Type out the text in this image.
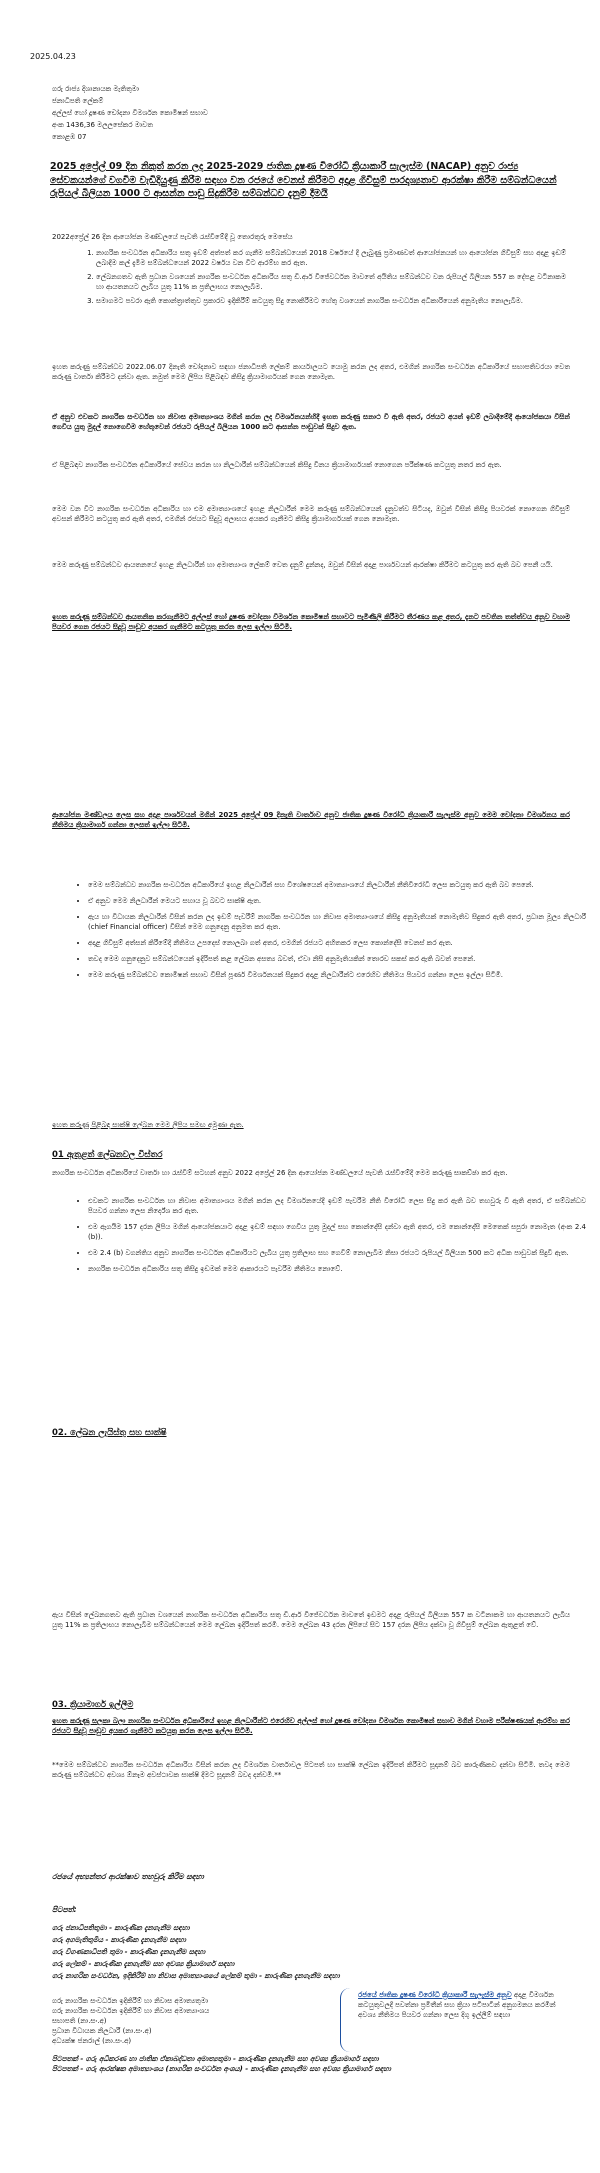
2025.04.23

ගරු රාජ්‍ය දිශානායක මැතිතුමා

ජනාධිපති ලේකම්

අල්ලස් හෝ දූෂණ චෝදනා විමර්ශන කොමිෂන් සභාව

අංක 1436,36 මලලසේකර මාවත

කොළඹ 07

2025 අප්‍රේල් 09 දින නිකුත් කරන ලද 2025-2029 ජාතික දූෂණ විරෝධී ක්‍රියාකාරී සැලැස්ම (NACAP) අනුව රාජ්‍ය සේවකයන්ගේ වගවීම වැඩිදියුණු කිරීම සඳහා වන රජයේ වෙනස් කිරීමට අදාළ ගිවිසුම් පාරදෘශ්‍යතාව ආරක්ෂා කිරීම සම්බන්ධයෙන් රුපියල් බිලියන 1000 ට ආසන්න පාඩු සිදුකිරීම සම්බන්ධව දැනුම් දීමයි

2022අප්‍රේල් 26 දින ආයෝජන මණ්ඩලයේ පැවති රැස්වීමේදී වූ තොරතුරු මෙසේය

1. නාගරික සංවර්ධන අධිකාරිය සතු ඉඩම් අත්පත් කර ගැනීම සම්බන්ධයෙන් 2018 වර්ෂයේ දී ලැබුණු ප්‍රමාණවත් ආයෝජනයන් හා ආයෝජන ගිවිසුම් සහ අදාළ ඉඩම් ලබාදීම කල් දැමීම සම්බන්ධයෙන් 2022 වර්ෂය වන විට ආරම්භ කර ඇත.
2. ලේඛනගතව ඇති ප්‍රධාන වශයෙන් නාගරික සංවර්ධන අධිකාරිය සතු ඩී.ආර් විජේවර්ධන මාවතේ අයිතිය සම්බන්ධව වන රුපියල් බිලියන 557 ක දේපළ වටිනාකම හා ආයතනයට ලැබිය යුතු 11% ක ප්‍රතිලාභය නොලැබීම.
3. සමාගමට පවරා ඇති කොන්ත්‍රාත්තුව ප්‍රකාරව ඉදිකිරීම් කටයුතු සිදු නොකිරීමට හේතු වශයෙන් නාගරික සංවර්ධන අධිකාරියෙන් අනුමැතිය නොලැබීම.

ඉහත කරුණු සම්බන්ධව 2022.06.07 දිනැති චෝදනාව සඳහා ජනාධිපති ලේකම් කාර්යාලයට යොමු කරන ලද අතර, එමගින් නාගරික සංවර්ධන අධිකාරියේ සභාපතිවරයා වෙත කරුණු වාර්තා කිරීමට දන්වා ඇත. නමුත් මෙම ලිපිය පිළිබඳව කිසිදු ක්‍රියාමාර්ගයක් ගෙන නොමැත.

ඒ අනුව එවකට නාගරික සංවර්ධන හා නිවාස අමාත්‍යාංශය මගින් කරන ලද විමර්ශනයන්හිදී ඉහත කරුණු සනාථ වී ඇති අතර, රජයට අයත් ඉඩම් ලබාදීමේදී ආයෝජකයා විසින් ගෙවිය යුතු මුදල් නොගෙවීම හේතුවෙන් රජයට රුපියල් බිලියන 1000 කට ආසන්න පාඩුවක් සිදුව ඇත.

ඒ පිළිබඳව නාගරික සංවර්ධන අධිකාරියේ සේවය කරන හා නිලධාරීන් සම්බන්ධයෙන් කිසිදු විනය ක්‍රියාමාර්ගයක් නොගෙන පරීක්ෂණ කටයුතු නතර කර ඇත.

මෙම වන විට නාගරික සංවර්ධන අධිකාරිය හා එම අමාත්‍යාංශයේ ඉහළ නිලධාරීන් මෙම කරුණු සම්බන්ධයෙන් දැනුවත්ව සිටියද, ඔවුන් විසින් කිසිදු පියවරක් නොගෙන ගිවිසුම් අවසන් කිරීමට කටයුතු කර ඇති අතර, එමගින් රජයට සිදුවූ අලාභය අයකර ගැනීමට කිසිදු ක්‍රියාමාර්ගයක් ගෙන නොමැත.

මෙම කරුණු සම්බන්ධව ආයතනයේ ඉහළ නිලධාරීන් හා අමාත්‍යාංශ ලේකම් වෙත දැනුම් දුන්නද, ඔවුන් විසින් අදාළ පාර්ශවයන් ආරක්ෂා කිරීමට කටයුතු කර ඇති බව පෙනී යයි.

ඉහත කරුණු සම්බන්ධව ආයතනික කරගැනීමට අල්ලස් හෝ දූෂණ චෝදනා විමර්ශන කොමිෂන් සභාවට පැමිණිලි කිරීමට තීරණය කළ අතර, දැනට පවතින තත්ත්වය අනුව වහාම පියවර ගෙන රජයට සිදුවූ පාඩුව අයකර ගැනීමට කටයුතු කරන ලෙස ඉල්ලා සිටිමි.

ආයෝජන මණ්ඩලය ලෙස සහ අදාළ පාර්ශවයන් මගින් 2025 අප්‍රේල් 09 දිනැති වාර්තාව අනුව ජාතික දූෂණ විරෝධී ක්‍රියාකාරී සැලැස්ම අනුව මෙම චෝදනා විමර්ශනය කර නීතිමය ක්‍රියාමාර්ග ගන්නා ලෙසත් ඉල්ලා සිටිමි.

• මෙම සම්බන්ධව නාගරික සංවර්ධන අධිකාරියේ ඉහළ නිලධාරීන් සහ විශේෂයෙන් අමාත්‍යාංශයේ නිලධාරීන් නීතිවිරෝධී ලෙස කටයුතු කර ඇති බව පෙනේ.
• ඒ අනුව මෙම නිලධාරීන් මෙයට සහාය වූ බවට සාක්ෂි ඇත.
• ඇය හා විධායක නිලධාරීන් විසින් කරන ලද ඉඩම් පැවරීම් නාගරික සංවර්ධන හා නිවාස අමාත්‍යාංශයේ කිසිදු අනුමැතියක් නොමැතිව සිදුකර ඇති අතර, ප්‍රධාන මූල්‍ය නිලධාරී (chief Financial officer) විසින් මෙම ගනුදෙනු අනුමත කර ඇත.
• අදාළ ගිවිසුම් අත්සන් කිරීමේදී නීතිමය උපදෙස් නොලබා ගත් අතර, එමගින් රජයට අහිතකර ලෙස කොන්දේසි වෙනස් කර ඇත.
• තවද මෙම ගනුදෙනුව සම්බන්ධයෙන් ඉදිරිපත් කළ ලේඛන අසත්‍ය බවත්, ඒවා නිසි අනුමැතියකින් තොරව සකස් කර ඇති බවත් පෙනේ.
• මෙම කරුණු සම්බන්ධව කොමිෂන් සභාව විසින් පූර්ණ විමර්ශනයක් සිදුකර අදාළ නිලධාරීන්ට එරෙහිව නීතිමය පියවර ගන්නා ලෙස ඉල්ලා සිටිමි.

ඉහත කරුණු පිළිබඳ සාක්ෂි ලේඛන මෙම ලිපිය සමඟ අමුණා ඇත.

01 ඇතුළත් ලේඛනවල විස්තර

නාගරික සංවර්ධන අධිකාරියේ වාර්තා හා රැස්වීම් සටහන් අනුව 2022 අප්‍රේල් 26 දින ආයෝජන මණ්ඩලයේ පැවති රැස්වීමේදී මෙම කරුණු සාකච්ඡා කර ඇත.

• එවකට නාගරික සංවර්ධන හා නිවාස අමාත්‍යාංශය මගින් කරන ලද විමර්ශනයේදී ඉඩම් පැවරීම නීති විරෝධී ලෙස සිදු කර ඇති බව තහවුරු වී ඇති අතර, ඒ සම්බන්ධව පියවර ගන්නා ලෙස නිර්දේශ කර ඇත.
• එම ඇගයීම 157 දරන ලිපිය මගින් ආයෝජකයාට අදාළ ඉඩම් සඳහා ගෙවිය යුතු මුදල් සහ කොන්දේසි දන්වා ඇති අතර, එම කොන්දේසි මෙතෙක් සපුරා නොමැත (අංක 2.4 (b)).
• එම 2.4 (b) වගන්තිය අනුව නාගරික සංවර්ධන අධිකාරියට ලැබිය යුතු ප්‍රතිලාභ සහ ගෙවීම් නොලැබීම නිසා රජයට රුපියල් බිලියන 500 කට අධික පාඩුවක් සිදුවී ඇත.
• නාගරික සංවර්ධන අධිකාරිය සතු කිසිදු ඉඩමක් මෙම ආකාරයට පැවරීම නීතිමය නොවේ.
02. ලේඛන ලැයිස්තු සහ සාක්ෂි

ඇය විසින් ලේඛනගතව ඇති ප්‍රධාන වශයෙන් නාගරික සංවර්ධන අධිකාරිය සතු ඩී.ආර් විජේවර්ධන මාවතේ ඉඩමට අදාළ රුපියල් බිලියන 557 ක වටිනාකම හා ආයතනයට ලැබිය යුතු 11% ක ප්‍රතිලාභය නොලැබීම සම්බන්ධයෙන් මෙම ලේඛන ඉදිරිපත් කරමි. මෙම ලේඛන 43 දරන ලිපියේ සිට 157 දරන ලිපිය දක්වා වූ ගිවිසුම් ලේඛන ඇතුළත් වේ.

03. ක්‍රියාමාර්ග ඉල්ලීම

ඉහත කරුණු සලකා බලා නාගරික සංවර්ධන අධිකාරියේ ඉහළ නිලධාරීන්ට එරෙහිව අල්ලස් හෝ දූෂණ චෝදනා විමර්ශන කොමිෂන් සභාව මගින් වහාම පරීක්ෂණයක් ආරම්භ කර රජයට සිදුවූ පාඩුව අයකර ගැනීමට කටයුතු කරන ලෙස ඉල්ලා සිටිමි.

**මෙම සම්බන්ධව නාගරික සංවර්ධන අධිකාරිය විසින් කරන ලද විමර්ශන වාර්තාවල පිටපත් හා සාක්ෂි ලේඛන ඉදිරිපත් කිරීමට සූදානම් බව කාරුණිකව දන්වා සිටිමි. තවද මෙම කරුණු සම්බන්ධව අවශ්‍ය ඕනෑම අවස්ථාවක සාක්ෂි දීමට සූදානම් බවද දන්වමි.**

රජයේ අභ්‍යන්තර ආරක්ෂාව තහවුරු කිරීම සඳහා
පිටපත්:
ගරු ජනාධිපතිතුමා - කාරුණික දැනගැනීම සඳහා
ගරු අගමැතිතුමිය - කාරුණික දැනගැනීම සඳහා
ගරු විගණකාධිපති තුමා - කාරුණික දැනගැනීම සඳහා
ගරු ලේකම් - කාරුණික දැනගැනීම සහ අවශ්‍ය ක්‍රියාමාර්ග සඳහා
ගරු නාගරික සංවර්ධන, ඉදිකිරීම් හා නිවාස අමාත්‍යාංශයේ ලේකම් තුමා - කාරුණික දැනගැනීම සඳහා
ගරු නාගරික සංවර්ධන ඉදිකිරීම් හා නිවාස අමාත්‍යතුමා
ගරු නාගරික සංවර්ධන ඉදිකිරීම් හා නිවාස අමාත්‍යාංශය
සභාපති (නා.සං.අ)
ප්‍රධාන විධායක නිලධාරී (නා.සං.අ)
අධ්‍යක්ෂ ජනරාල් (නා.සං.අ)
රජයේ ජාතික දූෂණ විරෝධී ක්‍රියාකාරී සැලැස්ම අනුව අදාළ විමර්ශන කටයුතුවලදී පවත්නා ප්‍රමිතීන් සහ ක්‍රියා පටිපාටීන් අනුගමනය කරමින් අවශ්‍ය නීතිමය පියවර ගන්නා ලෙස දිගු ඉල්ලීම් සඳහා

පිටපතක් - ගරු අධිකරණ හා ජාතික ඒකාබද්ධතා අමාත්‍යතුමා - කාරුණික දැනගැනීම සහ අවශ්‍ය ක්‍රියාමාර්ග සඳහා

පිටපතක් - ගරු ආරක්ෂක අමාත්‍යාංශය (නාගරික සංවර්ධන අංශය) - කාරුණික දැනගැනීම සහ අවශ්‍ය ක්‍රියාමාර්ග සඳහා
